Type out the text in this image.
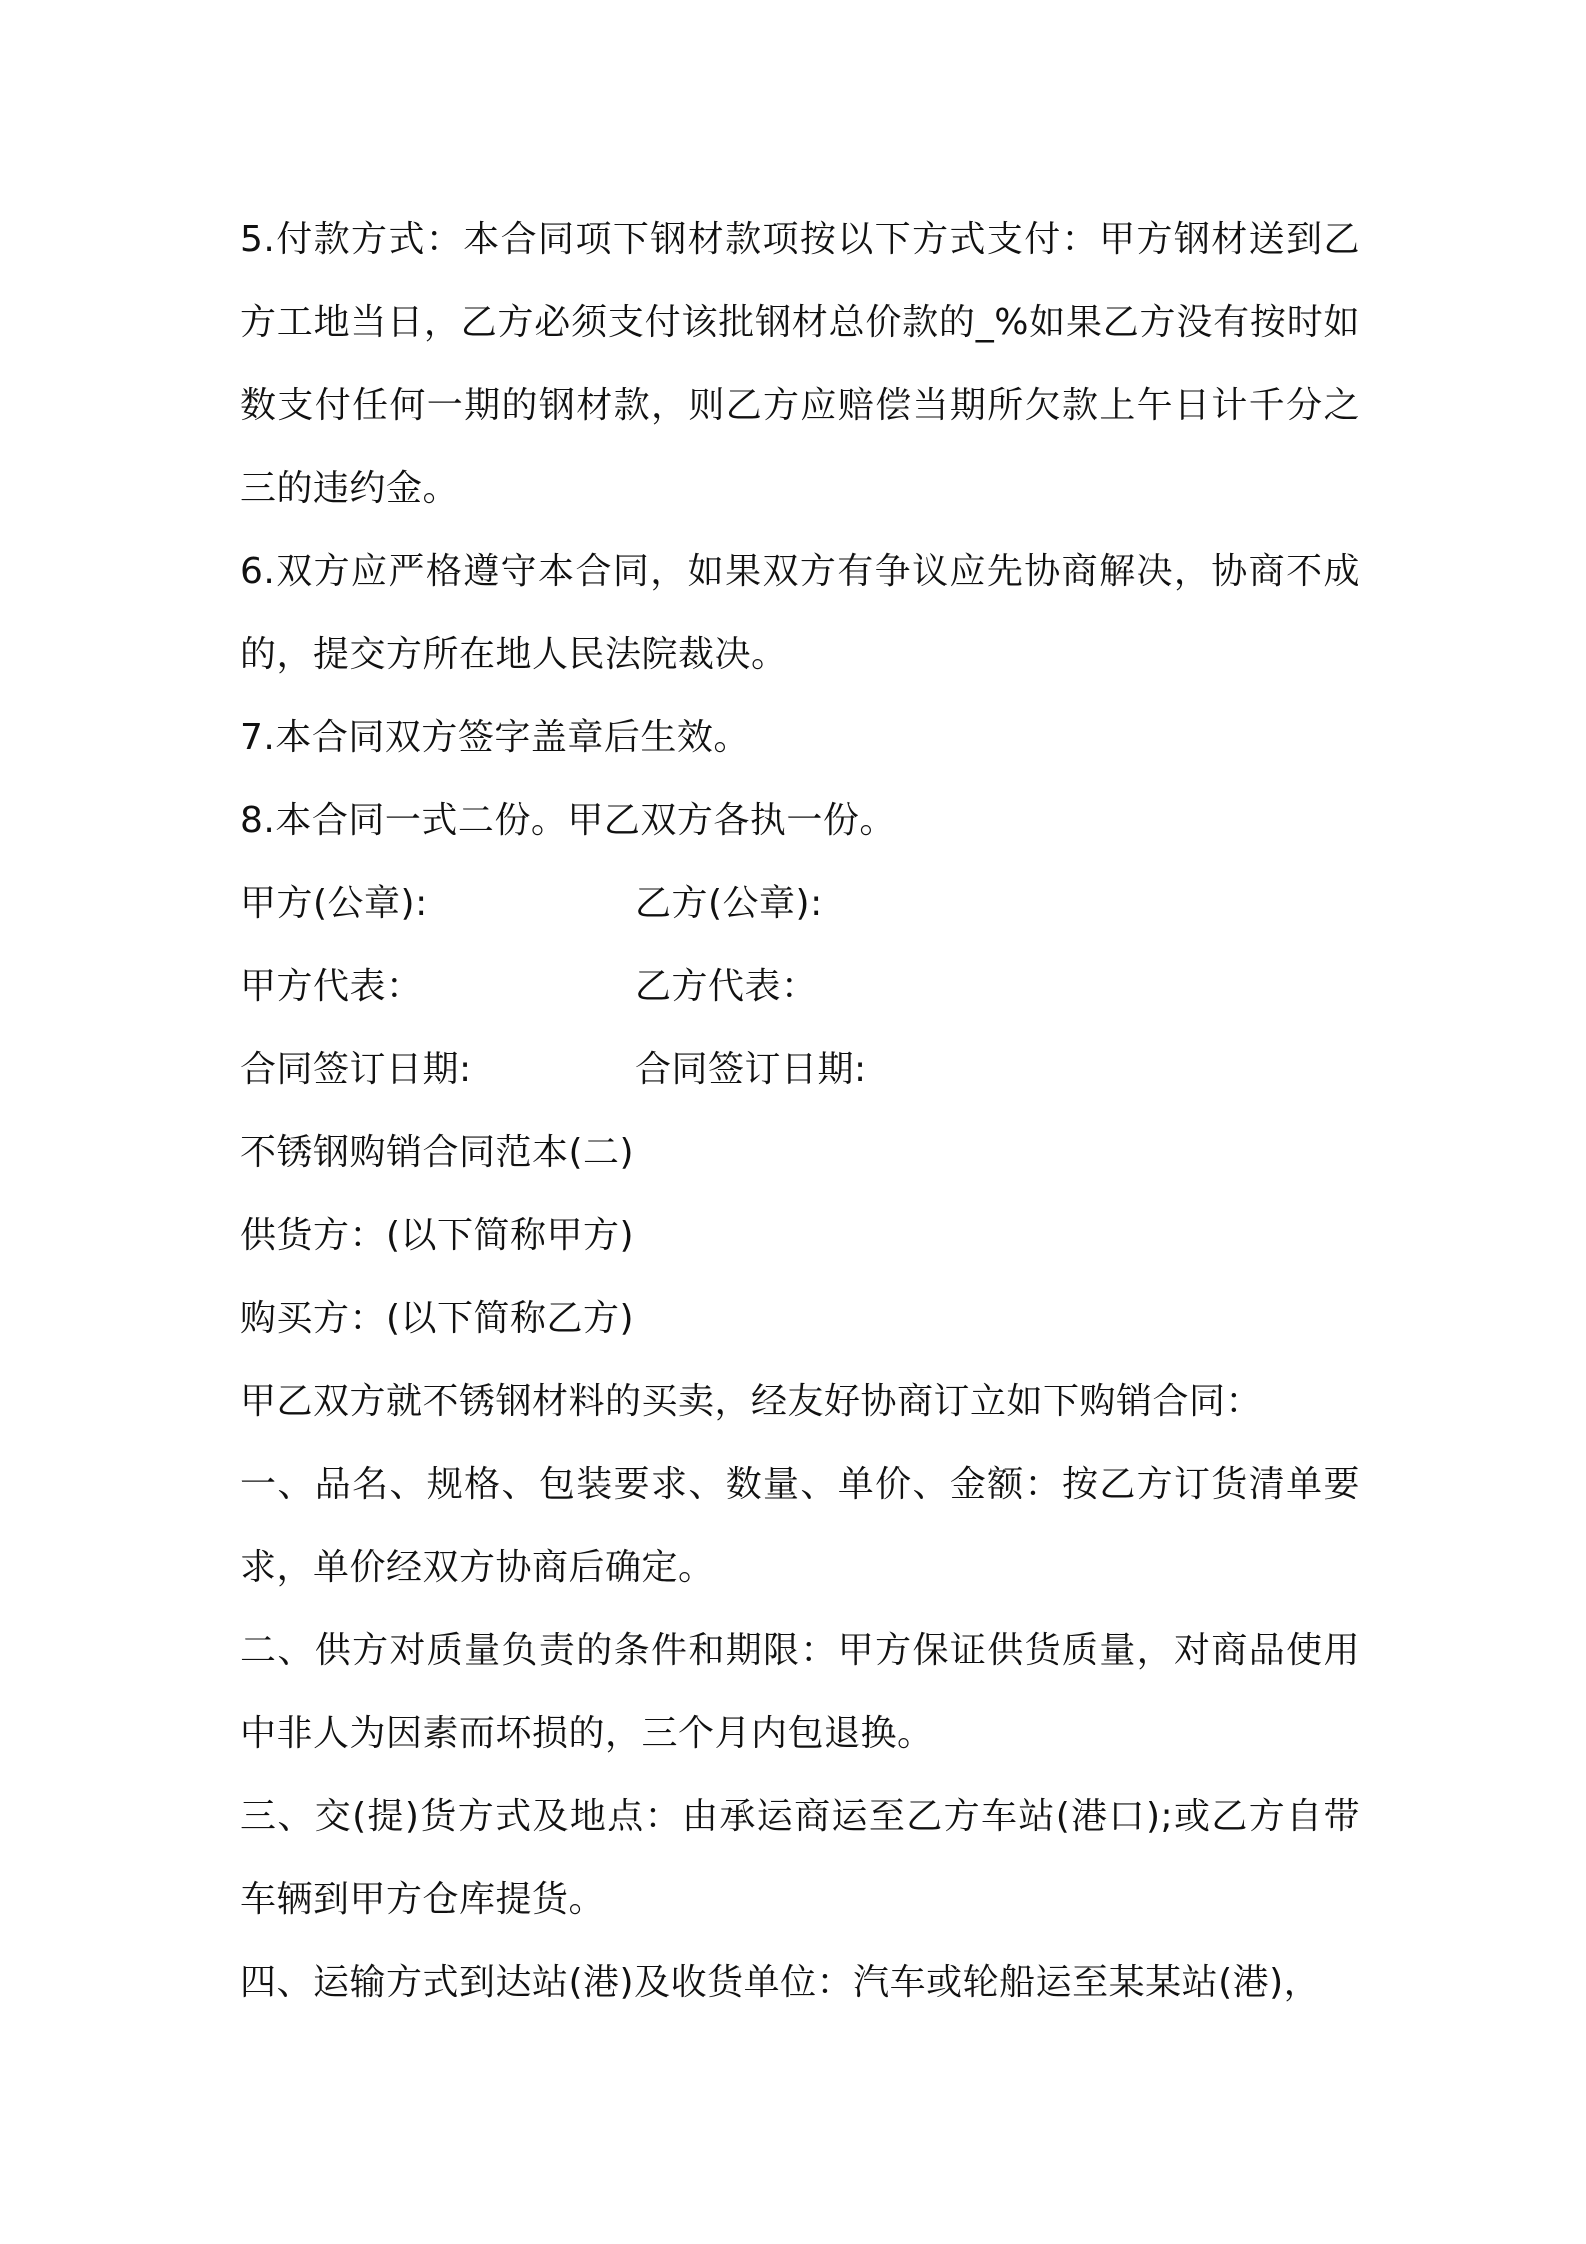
5.付款方式：本合同项下钢材款项按以下方式支付：甲方钢材送到乙方工地当日，乙方必须支付该批钢材总价款的_%如果乙方没有按时如数支付任何一期的钢材款，则乙方应赔偿当期所欠款上午日计千分之三的违约金。

6.双方应严格遵守本合同，如果双方有争议应先协商解决，协商不成的，提交方所在地人民法院裁决。

7.本合同双方签字盖章后生效。

8.本合同一式二份。甲乙双方各执一份。

甲方(公章):	乙方(公章):
甲方代表：	乙方代表：
合同签订日期:	合同签订日期:
不锈钢购销合同范本(二)
供货方：(以下简称甲方)
购买方：(以下简称乙方)

甲乙双方就不锈钢材料的买卖，经友好协商订立如下购销合同：

一、品名、规格、包装要求、数量、单价、金额：按乙方订货清单要求，单价经双方协商后确定。

二、供方对质量负责的条件和期限：甲方保证供货质量，对商品使用中非人为因素而坏损的，三个月内包退换。

三、交(提)货方式及地点：由承运商运至乙方车站(港口);或乙方自带车辆到甲方仓库提货。

四、运输方式到达站(港)及收货单位：汽车或轮船运至某某站(港)，
